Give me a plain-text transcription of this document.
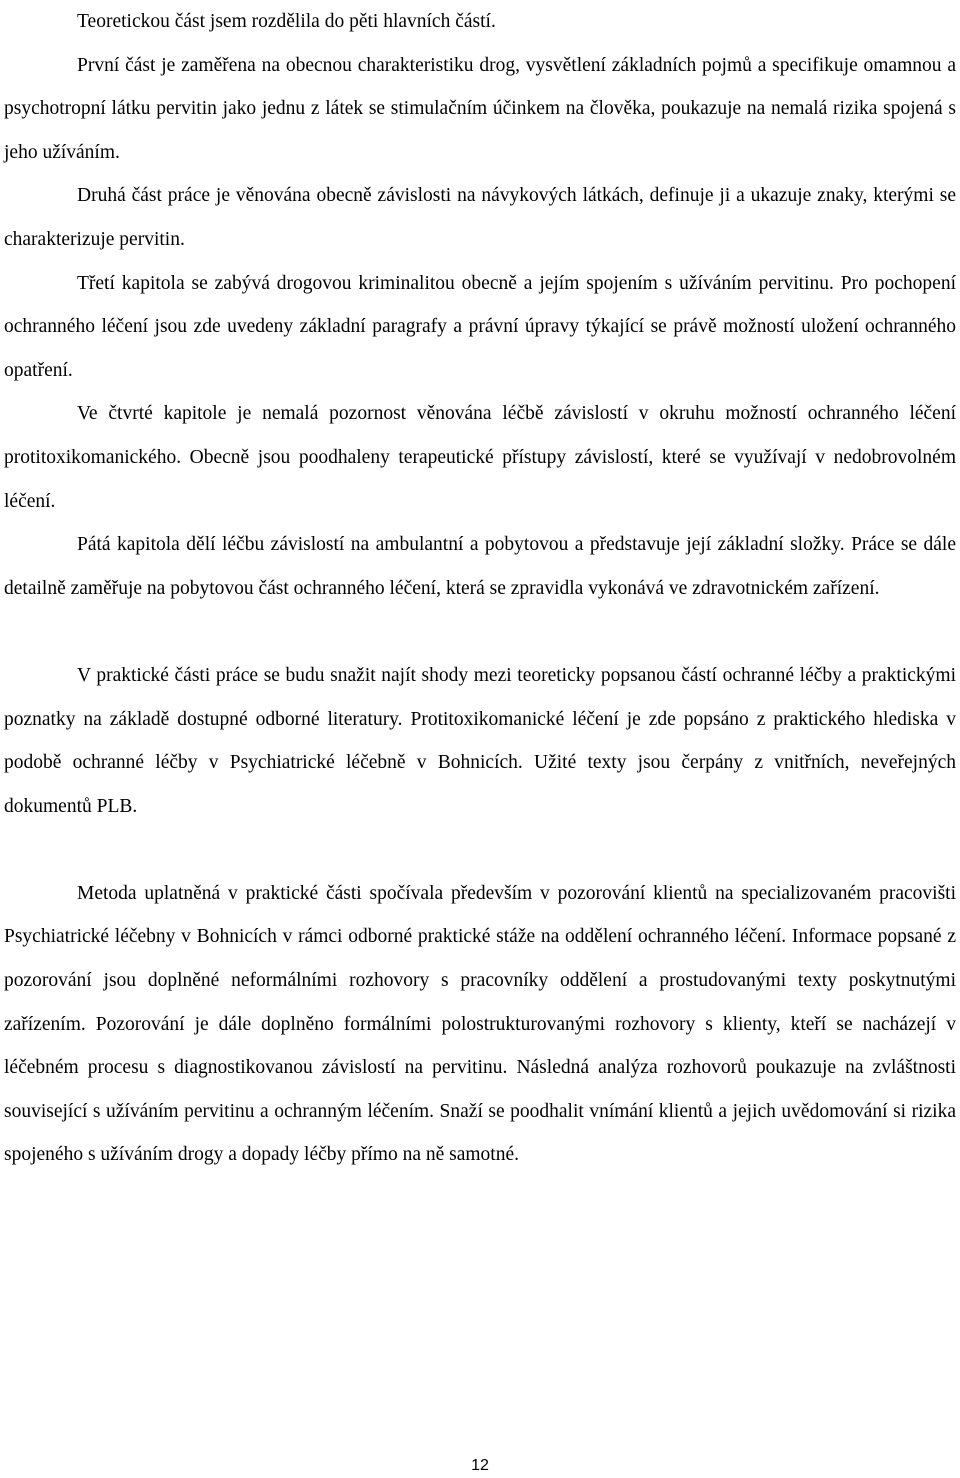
Teoretickou část jsem rozdělila do pěti hlavních částí.

První část je zaměřena na obecnou charakteristiku drog, vysvětlení základních pojmů a specifikuje omamnou a psychotropní látku pervitin jako jednu z látek se stimulačním účinkem na člověka, poukazuje na nemalá rizika spojená s jeho užíváním.

Druhá část práce je věnována obecně závislosti na návykových látkách, definuje ji a ukazuje znaky, kterými se charakterizuje pervitin.

Třetí kapitola se zabývá drogovou kriminalitou obecně a jejím spojením s užíváním pervitinu. Pro pochopení ochranného léčení jsou zde uvedeny základní paragrafy a právní úpravy týkající se právě možností uložení ochranného opatření.

Ve čtvrté kapitole je nemalá pozornost věnována léčbě závislostí v okruhu možností ochranného léčení protitoxikomanického. Obecně jsou poodhaleny terapeutické přístupy závislostí, které se využívají v nedobrovolném léčení.

Pátá kapitola dělí léčbu závislostí na ambulantní a pobytovou a představuje její základní složky. Práce se dále detailně zaměřuje na pobytovou část ochranného léčení, která se zpravidla vykonává ve zdravotnickém zařízení.

V praktické části práce se budu snažit najít shody mezi teoreticky popsanou částí ochranné léčby a praktickými poznatky na základě dostupné odborné literatury. Protitoxikomanické léčení je zde popsáno z praktického hlediska v podobě ochranné léčby v Psychiatrické léčebně v Bohnicích. Užité texty jsou čerpány z vnitřních, neveřejných dokumentů PLB.

Metoda uplatněná v praktické části spočívala především v pozorování klientů na specializovaném pracovišti Psychiatrické léčebny v Bohnicích v rámci odborné praktické stáže na oddělení ochranného léčení. Informace popsané z pozorování jsou doplněné neformálními rozhovory s pracovníky oddělení a prostudovanými texty poskytnutými zařízením. Pozorování je dále doplněno formálními polostrukturovanými rozhovory s klienty, kteří se nacházejí v léčebném procesu s diagnostikovanou závislostí na pervitinu. Následná analýza rozhovorů poukazuje na zvláštnosti související s užíváním pervitinu a ochranným léčením. Snaží se poodhalit vnímání klientů a jejich uvědomování si rizika spojeného s užíváním drogy a dopady léčby přímo na ně samotné.

12
